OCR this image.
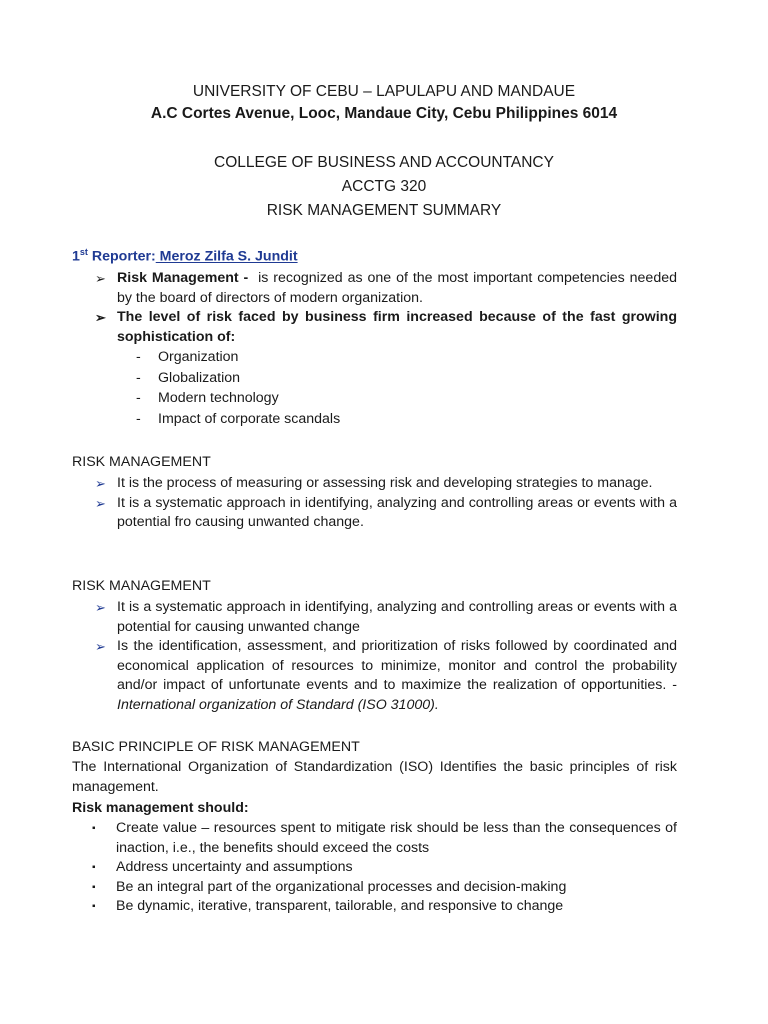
UNIVERSITY OF CEBU – LAPULAPU AND MANDAUE
A.C Cortes Avenue, Looc, Mandaue City, Cebu Philippines 6014
COLLEGE OF BUSINESS AND ACCOUNTANCY
ACCTG 320
RISK MANAGEMENT SUMMARY
1st Reporter: Meroz Zilfa S. Jundit
➢ Risk Management -  is recognized as one of the most important competencies needed by the board of directors of modern organization.
➢ The level of risk faced by business firm increased because of the fast growing sophistication of:
- Organization
- Globalization
- Modern technology
- Impact of corporate scandals
RISK MANAGEMENT
➢ It is the process of measuring or assessing risk and developing strategies to manage.
➢ It is a systematic approach in identifying, analyzing and controlling areas or events with a potential fro causing unwanted change.
RISK MANAGEMENT
➢ It is a systematic approach in identifying, analyzing and controlling areas or events with a potential for causing unwanted change
➢ Is the identification, assessment, and prioritization of risks followed by coordinated and economical application of resources to minimize, monitor and control the probability and/or impact of unfortunate events and to maximize the realization of opportunities. - International organization of Standard (ISO 31000).
BASIC PRINCIPLE OF RISK MANAGEMENT
The International Organization of Standardization (ISO) Identifies the basic principles of risk management.
Risk management should:
▪ Create value – resources spent to mitigate risk should be less than the consequences of inaction, i.e., the benefits should exceed the costs
▪ Address uncertainty and assumptions
▪ Be an integral part of the organizational processes and decision-making
▪ Be dynamic, iterative, transparent, tailorable, and responsive to change
